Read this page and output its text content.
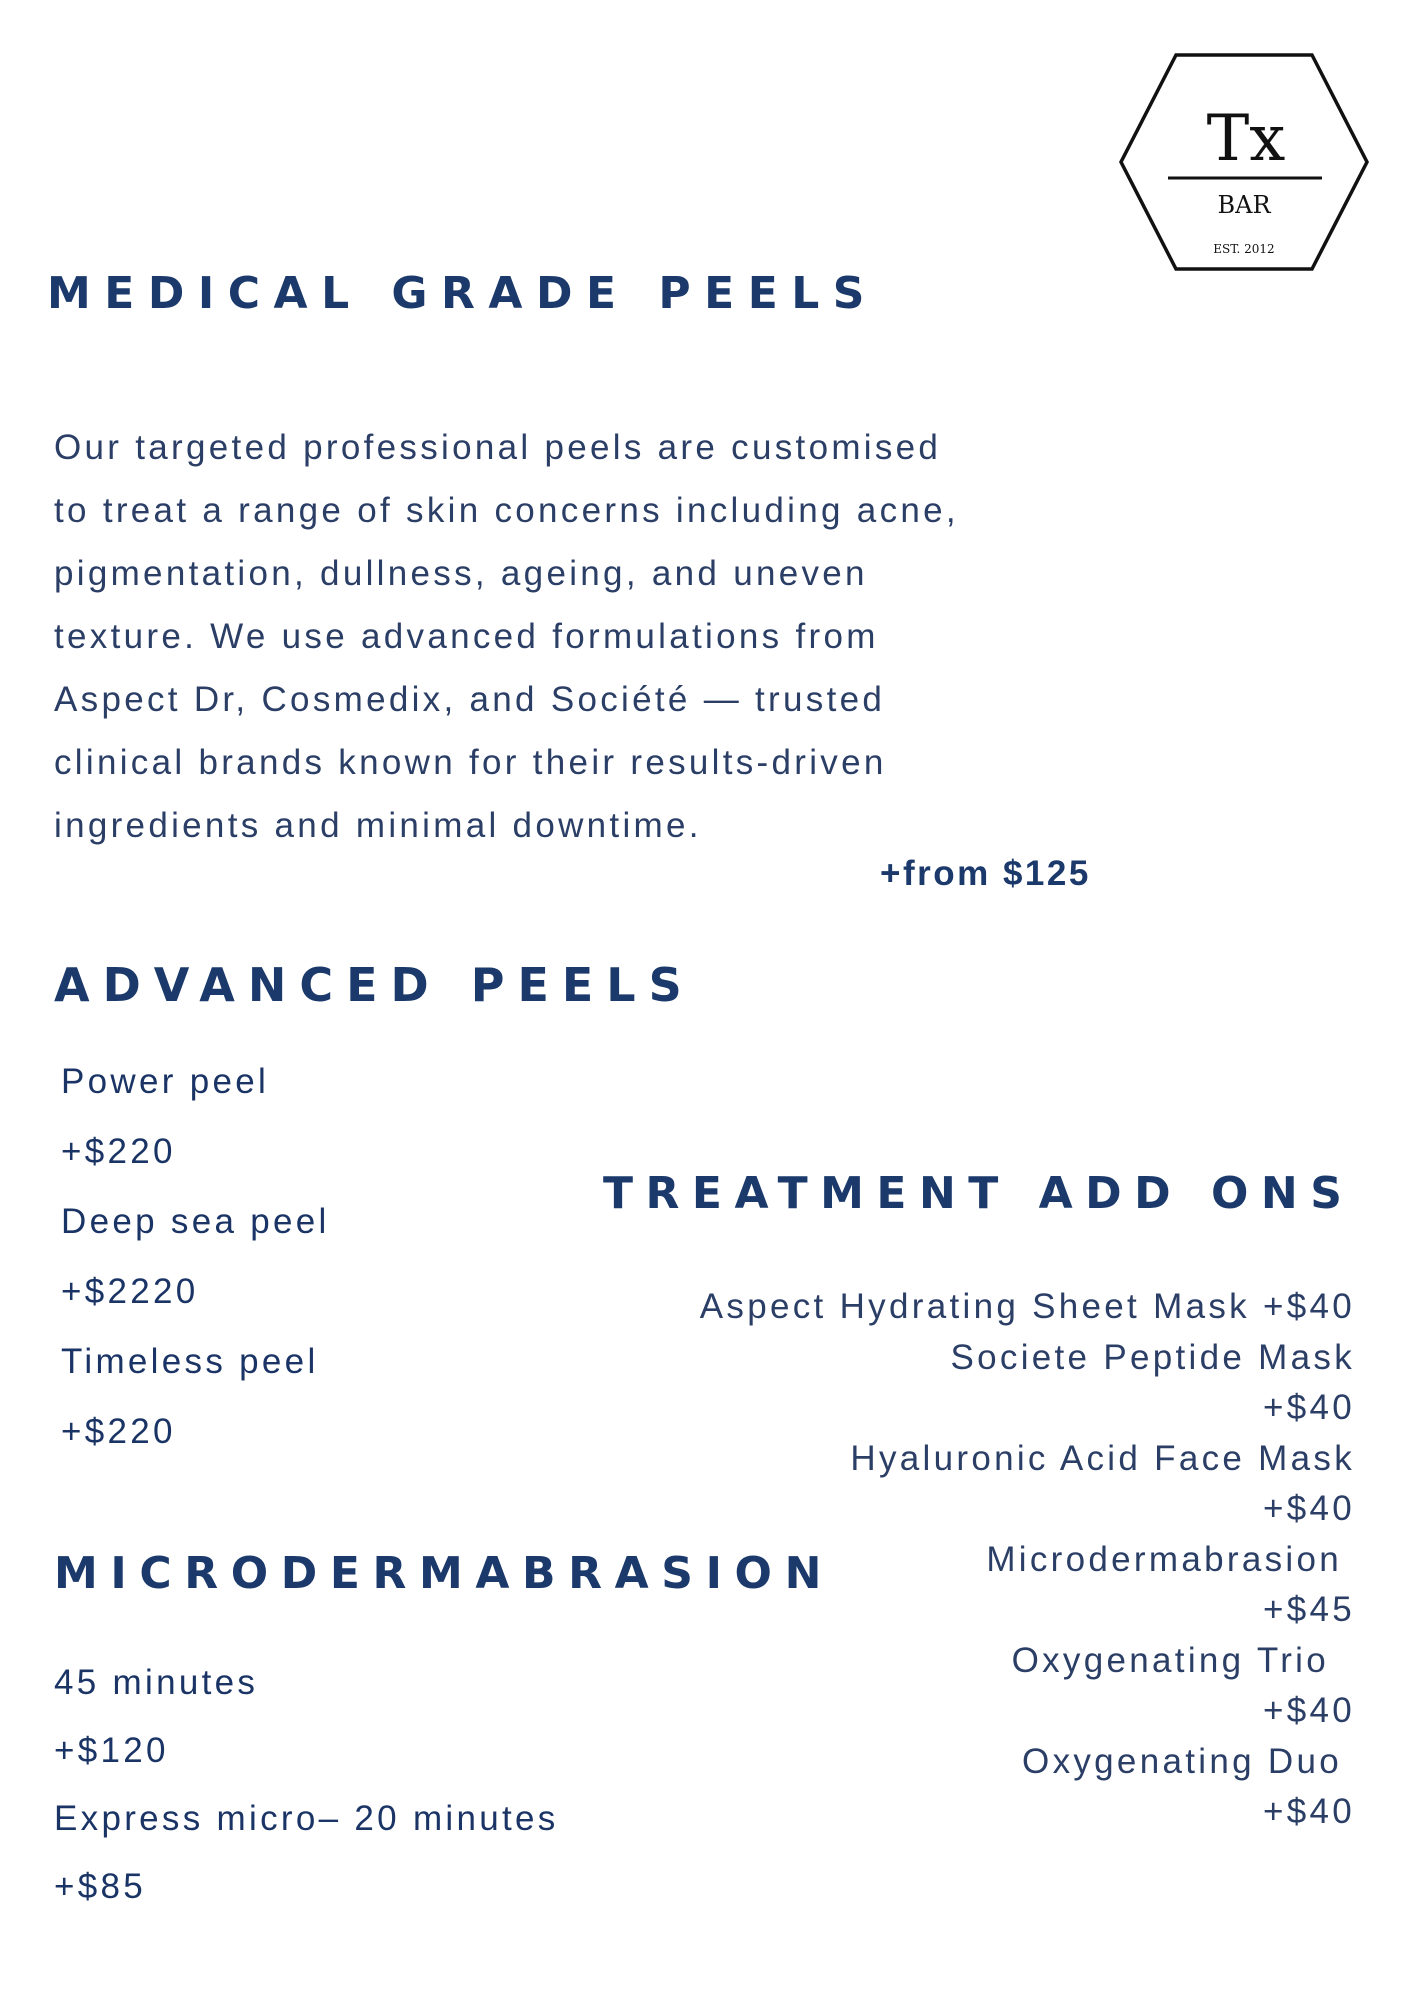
Tx
BAR
EST. 2012
MEDICAL GRADE PEELS

Our targeted professional peels are customised
to treat a range of skin concerns including acne,
pigmentation, dullness, ageing, and uneven
texture. We use advanced formulations from
Aspect Dr, Cosmedix, and Société — trusted
clinical brands known for their results-driven
ingredients and minimal downtime.

+from $125
ADVANCED PEELS
Power peel
+$220
Deep sea peel
+$2220
Timeless peel
+$220
TREATMENT ADD ONS
Aspect Hydrating Sheet Mask +$40
Societe Peptide Mask
+$40
Hyaluronic Acid Face Mask
+$40
Microdermabrasion
+$45
Oxygenating Trio
+$40
Oxygenating Duo
+$40
MICRODERMABRASION
45 minutes
+$120
Express micro– 20 minutes
+$85
